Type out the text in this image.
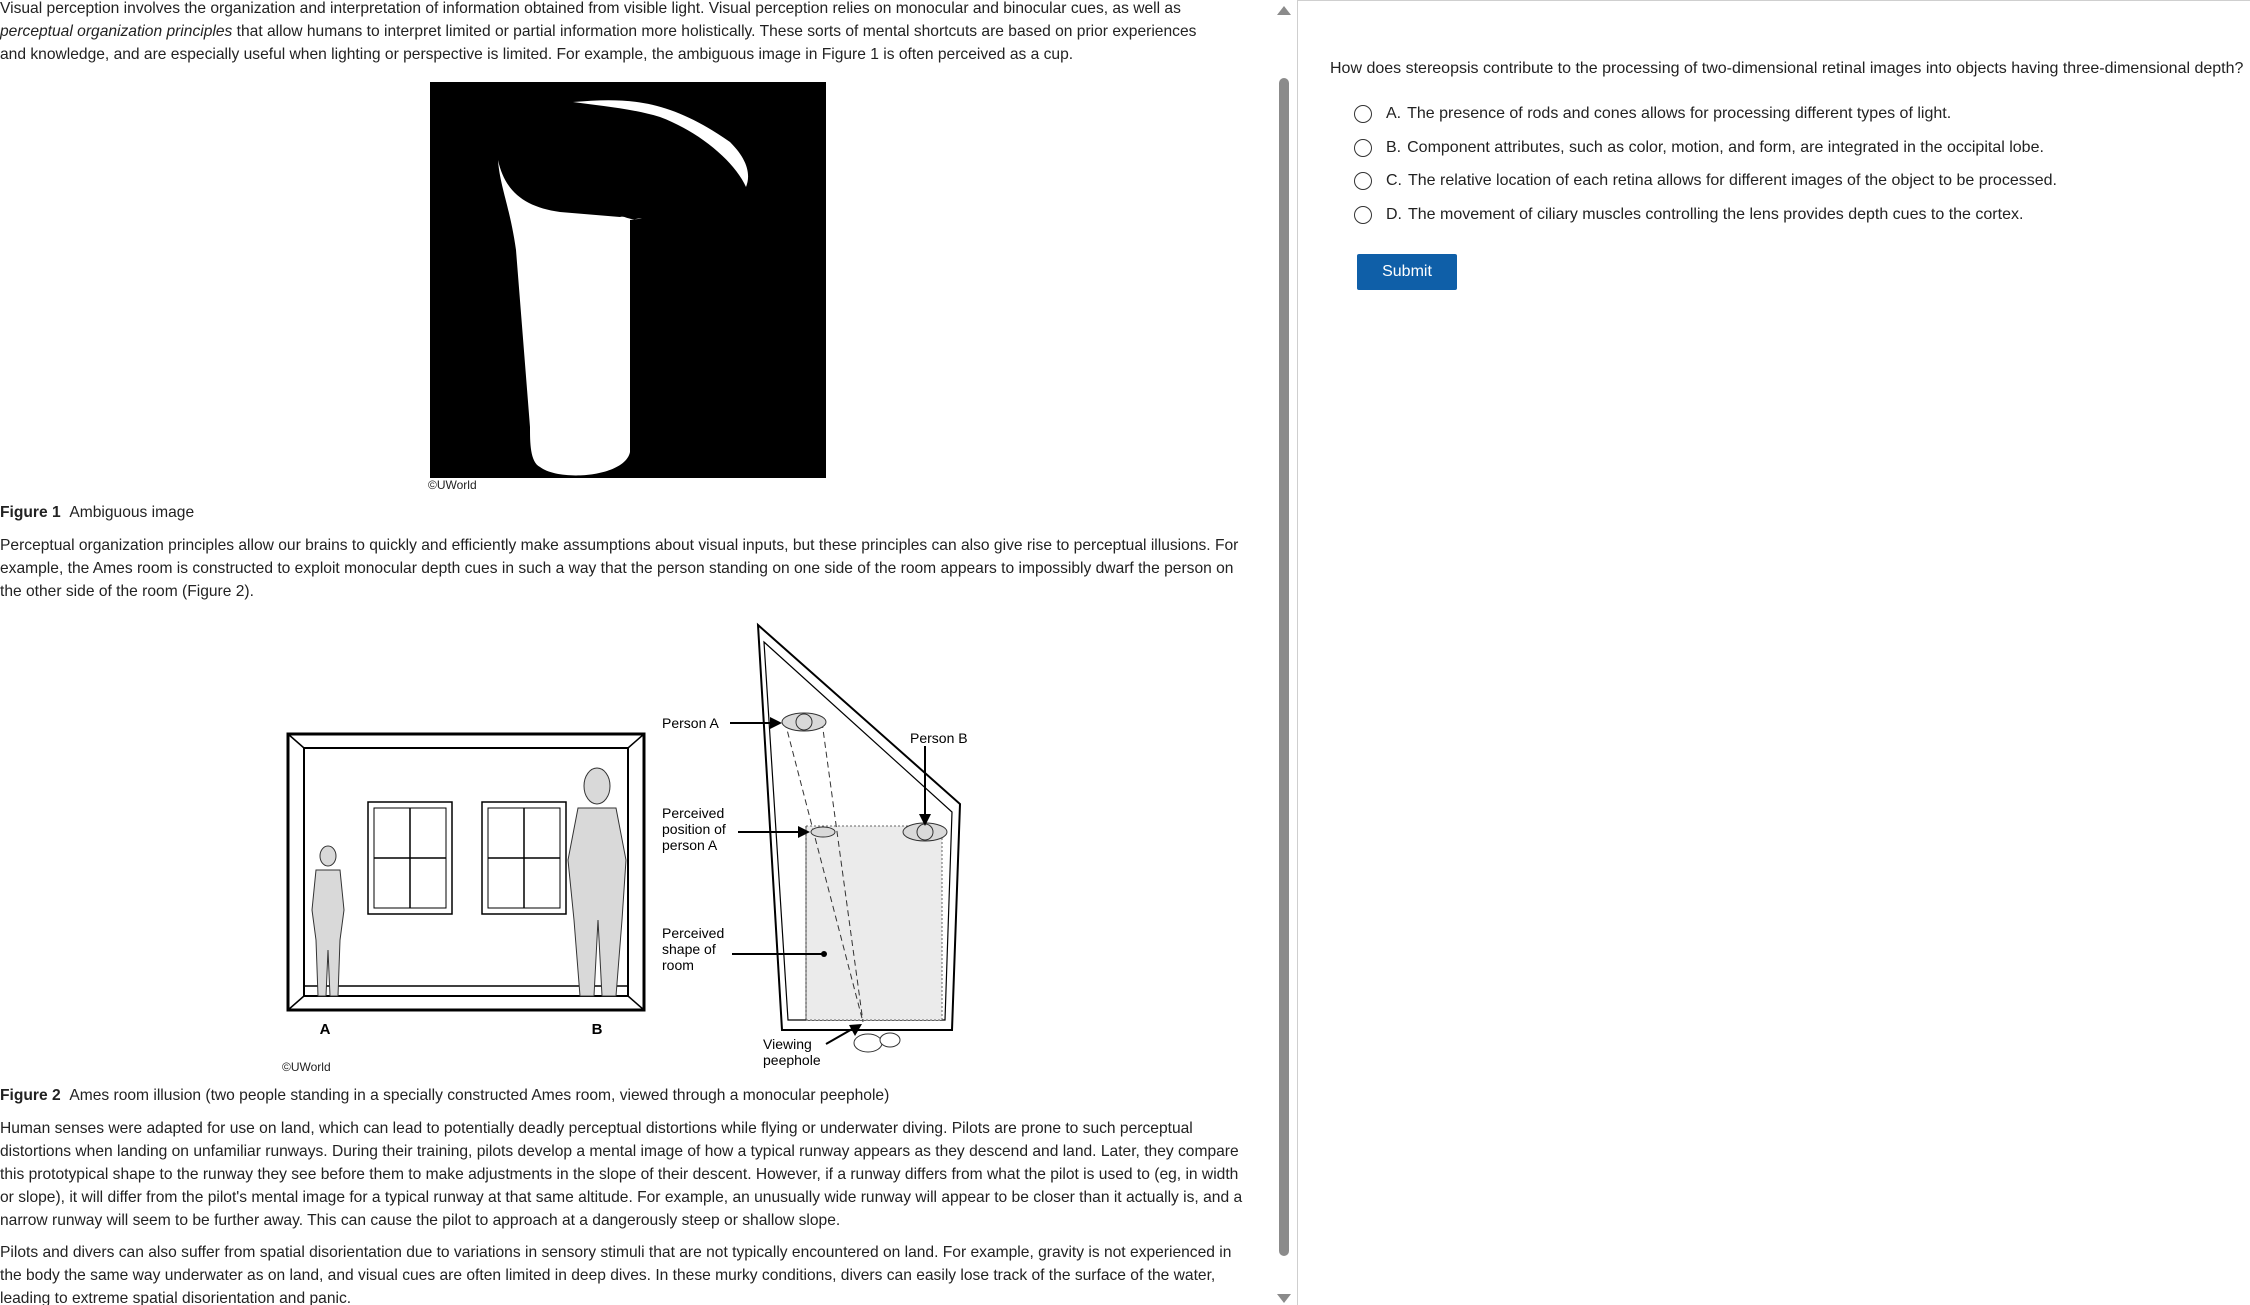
Visual perception involves the organization and interpretation of information obtained from visible light. Visual perception relies on monocular and binocular cues, as well as
perceptual organization principles that allow humans to interpret limited or partial information more holistically. These sorts of mental shortcuts are based on prior experiences
and knowledge, and are especially useful when lighting or perspective is limited. For example, the ambiguous image in Figure 1 is often perceived as a cup.
©UWorld
Figure 1 Ambiguous image

Perceptual organization principles allow our brains to quickly and efficiently make assumptions about visual inputs, but these principles can also give rise to perceptual illusions. For example, the Ames room is constructed to exploit monocular depth cues in such a way that the person standing on one side of the room appears to impossibly dwarf the person on the other side of the room (Figure 2).

A	B
Person A
Person B
Perceived
position of
person A
Perceived
shape of
room
Viewing
peephole
©UWorld
Figure 2 Ames room illusion (two people standing in a specially constructed Ames room, viewed through a monocular peephole)

Human senses were adapted for use on land, which can lead to potentially deadly perceptual distortions while flying or underwater diving. Pilots are prone to such perceptual distortions when landing on unfamiliar runways. During their training, pilots develop a mental image of how a typical runway appears as they descend and land. Later, they compare this prototypical shape to the runway they see before them to make adjustments in the slope of their descent. However, if a runway differs from what the pilot is used to (eg, in width or slope), it will differ from the pilot's mental image for a typical runway at that same altitude. For example, an unusually wide runway will appear to be closer than it actually is, and a narrow runway will seem to be further away. This can cause the pilot to approach at a dangerously steep or shallow slope.

Pilots and divers can also suffer from spatial disorientation due to variations in sensory stimuli that are not typically encountered on land. For example, gravity is not experienced in the body the same way underwater as on land, and visual cues are often limited in deep dives. In these murky conditions, divers can easily lose track of the surface of the water, leading to extreme spatial disorientation and panic.

How does stereopsis contribute to the processing of two-dimensional retinal images into objects having three-dimensional depth?
A. The presence of rods and cones allows for processing different types of light.
B. Component attributes, such as color, motion, and form, are integrated in the occipital lobe.
C. The relative location of each retina allows for different images of the object to be processed.
D. The movement of ciliary muscles controlling the lens provides depth cues to the cortex.
Submit
